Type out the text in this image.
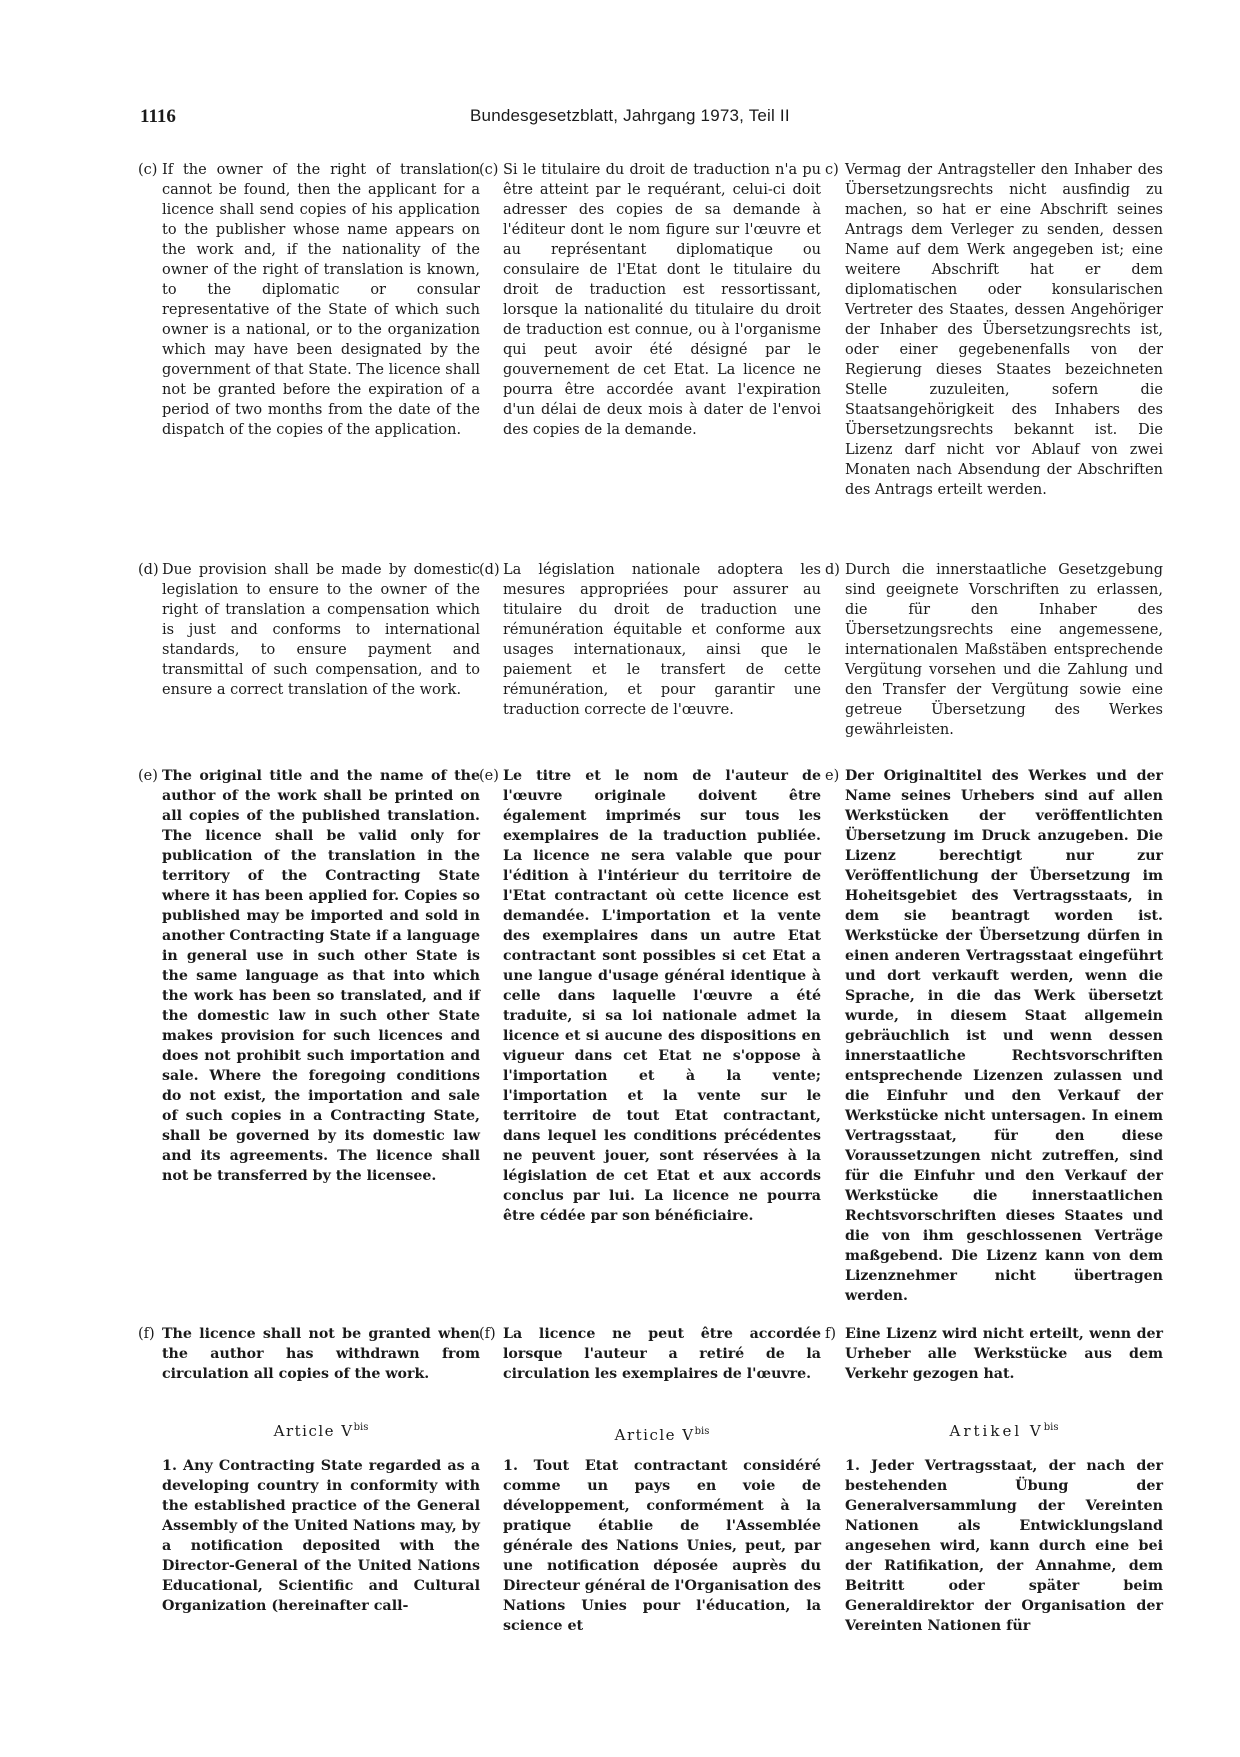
1116	Bundesgesetzblatt, Jahrgang 1973, Teil II
(c) If the owner of the right of translation cannot be found, then the applicant for a licence shall send copies of his application to the publisher whose name appears on the work and, if the nationality of the owner of the right of translation is known, to the diplomatic or consular representative of the State of which such owner is a national, or to the organization which may have been designated by the government of that State. The licence shall not be granted before the expiration of a period of two months from the date of the dispatch of the copies of the application.
(d) Due provision shall be made by domestic legislation to ensure to the owner of the right of translation a compensation which is just and conforms to international standards, to ensure payment and transmittal of such compensation, and to ensure a correct translation of the work.
(e) The original title and the name of the author of the work shall be printed on all copies of the published translation. The licence shall be valid only for publication of the translation in the territory of the Contracting State where it has been applied for. Copies so published may be imported and sold in another Contracting State if a language in general use in such other State is the same language as that into which the work has been so translated, and if the domestic law in such other State makes provision for such licences and does not prohibit such importation and sale. Where the foregoing conditions do not exist, the importation and sale of such copies in a Contracting State, shall be governed by its domestic law and its agreements. The licence shall not be transferred by the licensee.
(f) The licence shall not be granted when the author has withdrawn from circulation all copies of the work.
Article $V^{bis}$
1. Any Contracting State regarded as a developing country in conformity with the established practice of the General Assembly of the United Nations may, by a notification deposited with the Director-General of the United Nations Educational, Scientific and Cultural Organization (hereinafter call-
(c) Si le titulaire du droit de traduction n'a pu être atteint par le requérant, celui-ci doit adresser des copies de sa demande à l'éditeur dont le nom figure sur l'œuvre et au représentant diplomatique ou consulaire de l'Etat dont le titulaire du droit de traduction est ressortissant, lorsque la nationalité du titulaire du droit de traduction est connue, ou à l'organisme qui peut avoir été désigné par le gouvernement de cet Etat. La licence ne pourra être accordée avant l'expiration d'un délai de deux mois à dater de l'envoi des copies de la demande.
(d) La législation nationale adoptera les mesures appropriées pour assurer au titulaire du droit de traduction une rémunération équitable et conforme aux usages internationaux, ainsi que le paiement et le transfert de cette rémunération, et pour garantir une traduction correcte de l'œuvre.
(e) Le titre et le nom de l'auteur de l'œuvre originale doivent être également imprimés sur tous les exemplaires de la traduction publiée. La licence ne sera valable que pour l'édition à l'intérieur du territoire de l'Etat contractant où cette licence est demandée. L'importation et la vente des exemplaires dans un autre Etat contractant sont possibles si cet Etat a une langue d'usage général identique à celle dans laquelle l'œuvre a été traduite, si sa loi nationale admet la licence et si aucune des dispositions en vigueur dans cet Etat ne s'oppose à l'importation et à la vente; l'importation et la vente sur le territoire de tout Etat contractant, dans lequel les conditions précédentes ne peuvent jouer, sont réservées à la législation de cet Etat et aux accords conclus par lui. La licence ne pourra être cédée par son bénéficiaire.
(f) La licence ne peut être accordée lorsque l'auteur a retiré de la circulation les exemplaires de l'œuvre.
Article $V^{bis}$
1. Tout Etat contractant considéré comme un pays en voie de développement, conformément à la pratique établie de l'Assemblée générale des Nations Unies, peut, par une notification déposée auprès du Directeur général de l'Organisation des Nations Unies pour l'éducation, la science et
c) Vermag der Antragsteller den Inhaber des Übersetzungsrechts nicht ausfindig zu machen, so hat er eine Abschrift seines Antrags dem Verleger zu senden, dessen Name auf dem Werk angegeben ist; eine weitere Abschrift hat er dem diplomatischen oder konsularischen Vertreter des Staates, dessen Angehöriger der Inhaber des Übersetzungsrechts ist, oder einer gegebenenfalls von der Regierung dieses Staates bezeichneten Stelle zuzuleiten, sofern die Staatsangehörigkeit des Inhabers des Übersetzungsrechts bekannt ist. Die Lizenz darf nicht vor Ablauf von zwei Monaten nach Absendung der Abschriften des Antrags erteilt werden.
d) Durch die innerstaatliche Gesetzgebung sind geeignete Vorschriften zu erlassen, die für den Inhaber des Übersetzungsrechts eine angemessene, internationalen Maßstäben entsprechende Vergütung vorsehen und die Zahlung und den Transfer der Vergütung sowie eine getreue Übersetzung des Werkes gewährleisten.
e) Der Originaltitel des Werkes und der Name seines Urhebers sind auf allen Werkstücken der veröffentlichten Übersetzung im Druck anzugeben. Die Lizenz berechtigt nur zur Veröffentlichung der Übersetzung im Hoheitsgebiet des Vertragsstaats, in dem sie beantragt worden ist. Werkstücke der Übersetzung dürfen in einen anderen Vertragsstaat eingeführt und dort verkauft werden, wenn die Sprache, in die das Werk übersetzt wurde, in diesem Staat allgemein gebräuchlich ist und wenn dessen innerstaatliche Rechtsvorschriften entsprechende Lizenzen zulassen und die Einfuhr und den Verkauf der Werkstücke nicht untersagen. In einem Vertragsstaat, für den diese Voraussetzungen nicht zutreffen, sind für die Einfuhr und den Verkauf der Werkstücke die innerstaatlichen Rechtsvorschriften dieses Staates und die von ihm geschlossenen Verträge maßgebend. Die Lizenz kann von dem Lizenznehmer nicht übertragen werden.
f) Eine Lizenz wird nicht erteilt, wenn der Urheber alle Werkstücke aus dem Verkehr gezogen hat.
Artikel $V^{bis}$
1. Jeder Vertragsstaat, der nach der bestehenden Übung der Generalversammlung der Vereinten Nationen als Entwicklungsland angesehen wird, kann durch eine bei der Ratifikation, der Annahme, dem Beitritt oder später beim Generaldirektor der Organisation der Vereinten Nationen für
